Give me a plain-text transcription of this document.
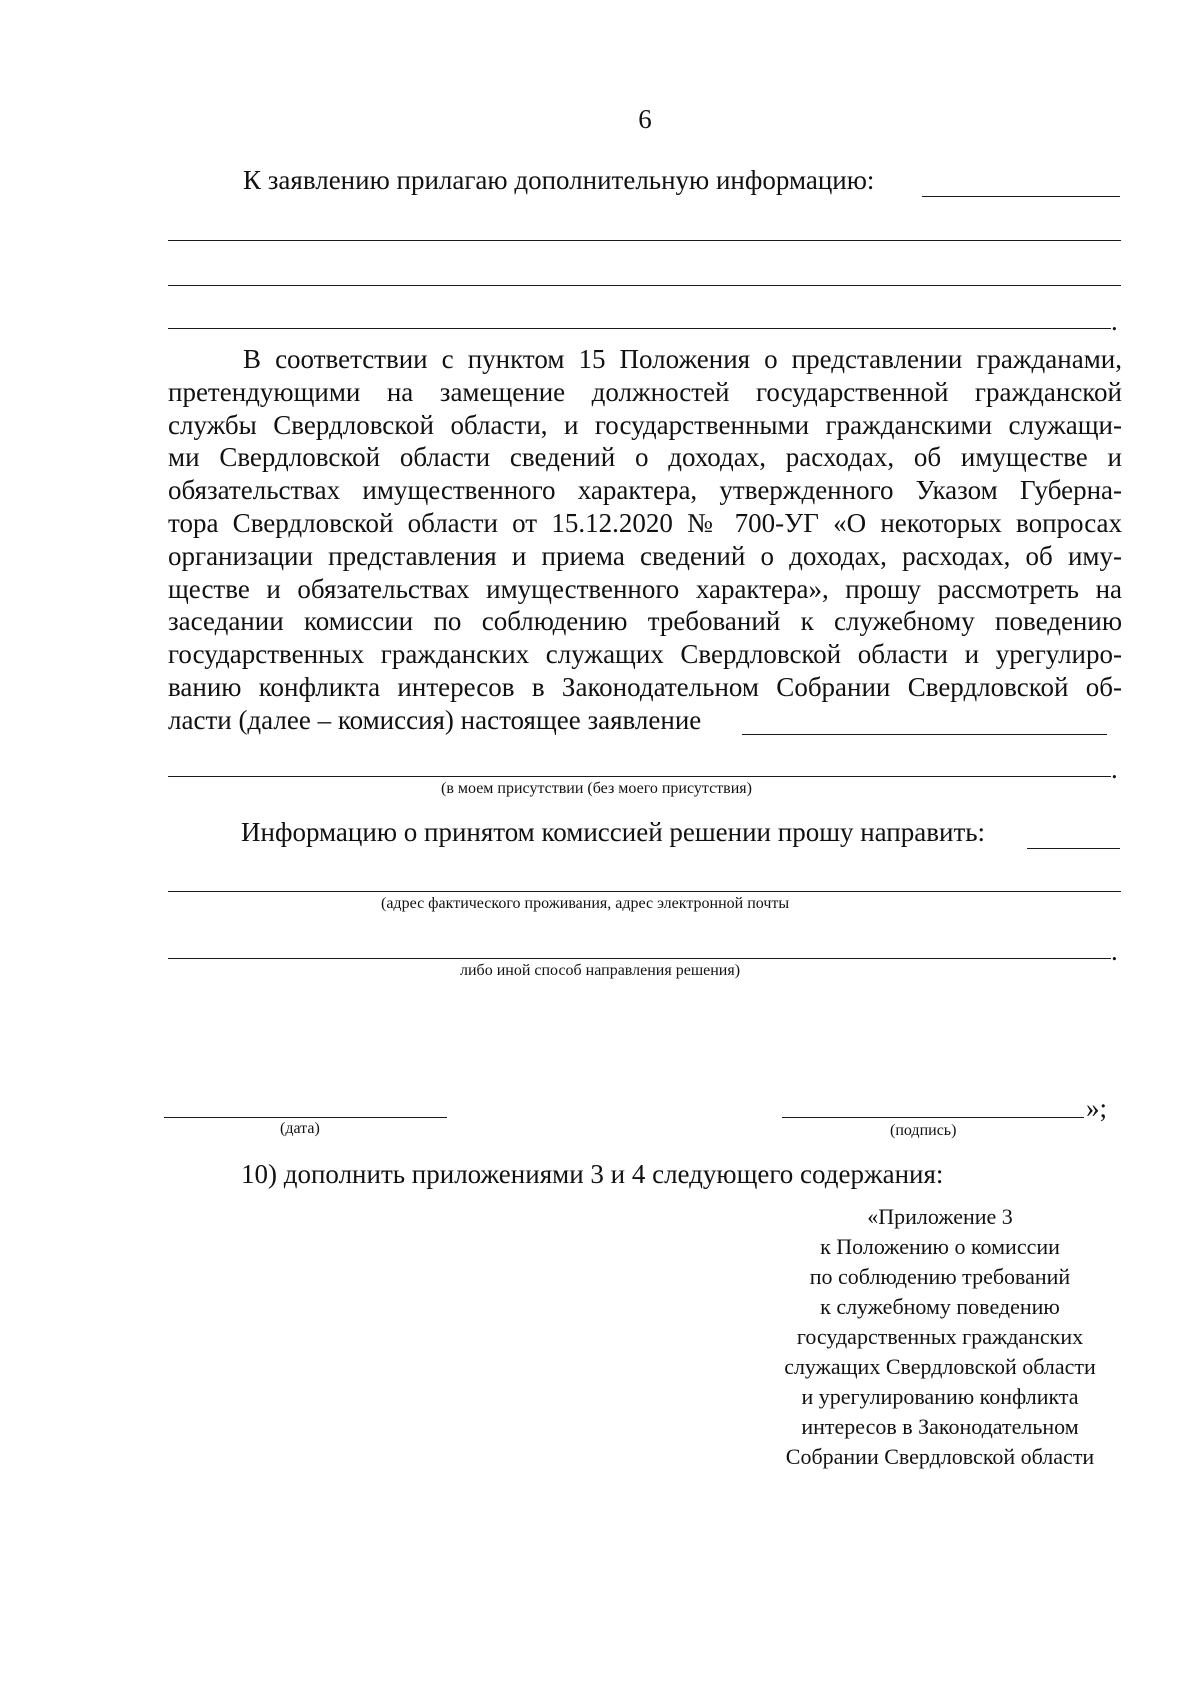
6
К заявлению прилагаю дополнительную информацию:
.
В соответствии с пунктом 15 Положения о представлении гражданами,
претендующими на замещение должностей государственной гражданской
службы Свердловской области, и государственными гражданскими служащи-
ми Свердловской области сведений о доходах, расходах, об имуществе и
обязательствах имущественного характера, утвержденного Указом Губерна-
тора Свердловской области от 15.12.2020 № 700-УГ «О некоторых вопросах
организации представления и приема сведений о доходах, расходах, об иму-
ществе и обязательствах имущественного характера», прошу рассмотреть на
заседании комиссии по соблюдению требований к служебному поведению
государственных гражданских служащих Свердловской области и урегулиро-
ванию конфликта интересов в Законодательном Собрании Свердловской об-
ласти (далее – комиссия) настоящее заявление
.
(в моем присутствии (без моего присутствия)
Информацию о принятом комиссией решении прошу направить:
(адрес фактического проживания, адрес электронной почты
.
либо иной способ направления решения)
(дата)
»;
(подпись)
10) дополнить приложениями 3 и 4 следующего содержания:
«Приложение 3
к Положению о комиссии
по соблюдению требований
к служебному поведению
государственных гражданских
служащих Свердловской области
и урегулированию конфликта
интересов в Законодательном
Собрании Свердловской области
